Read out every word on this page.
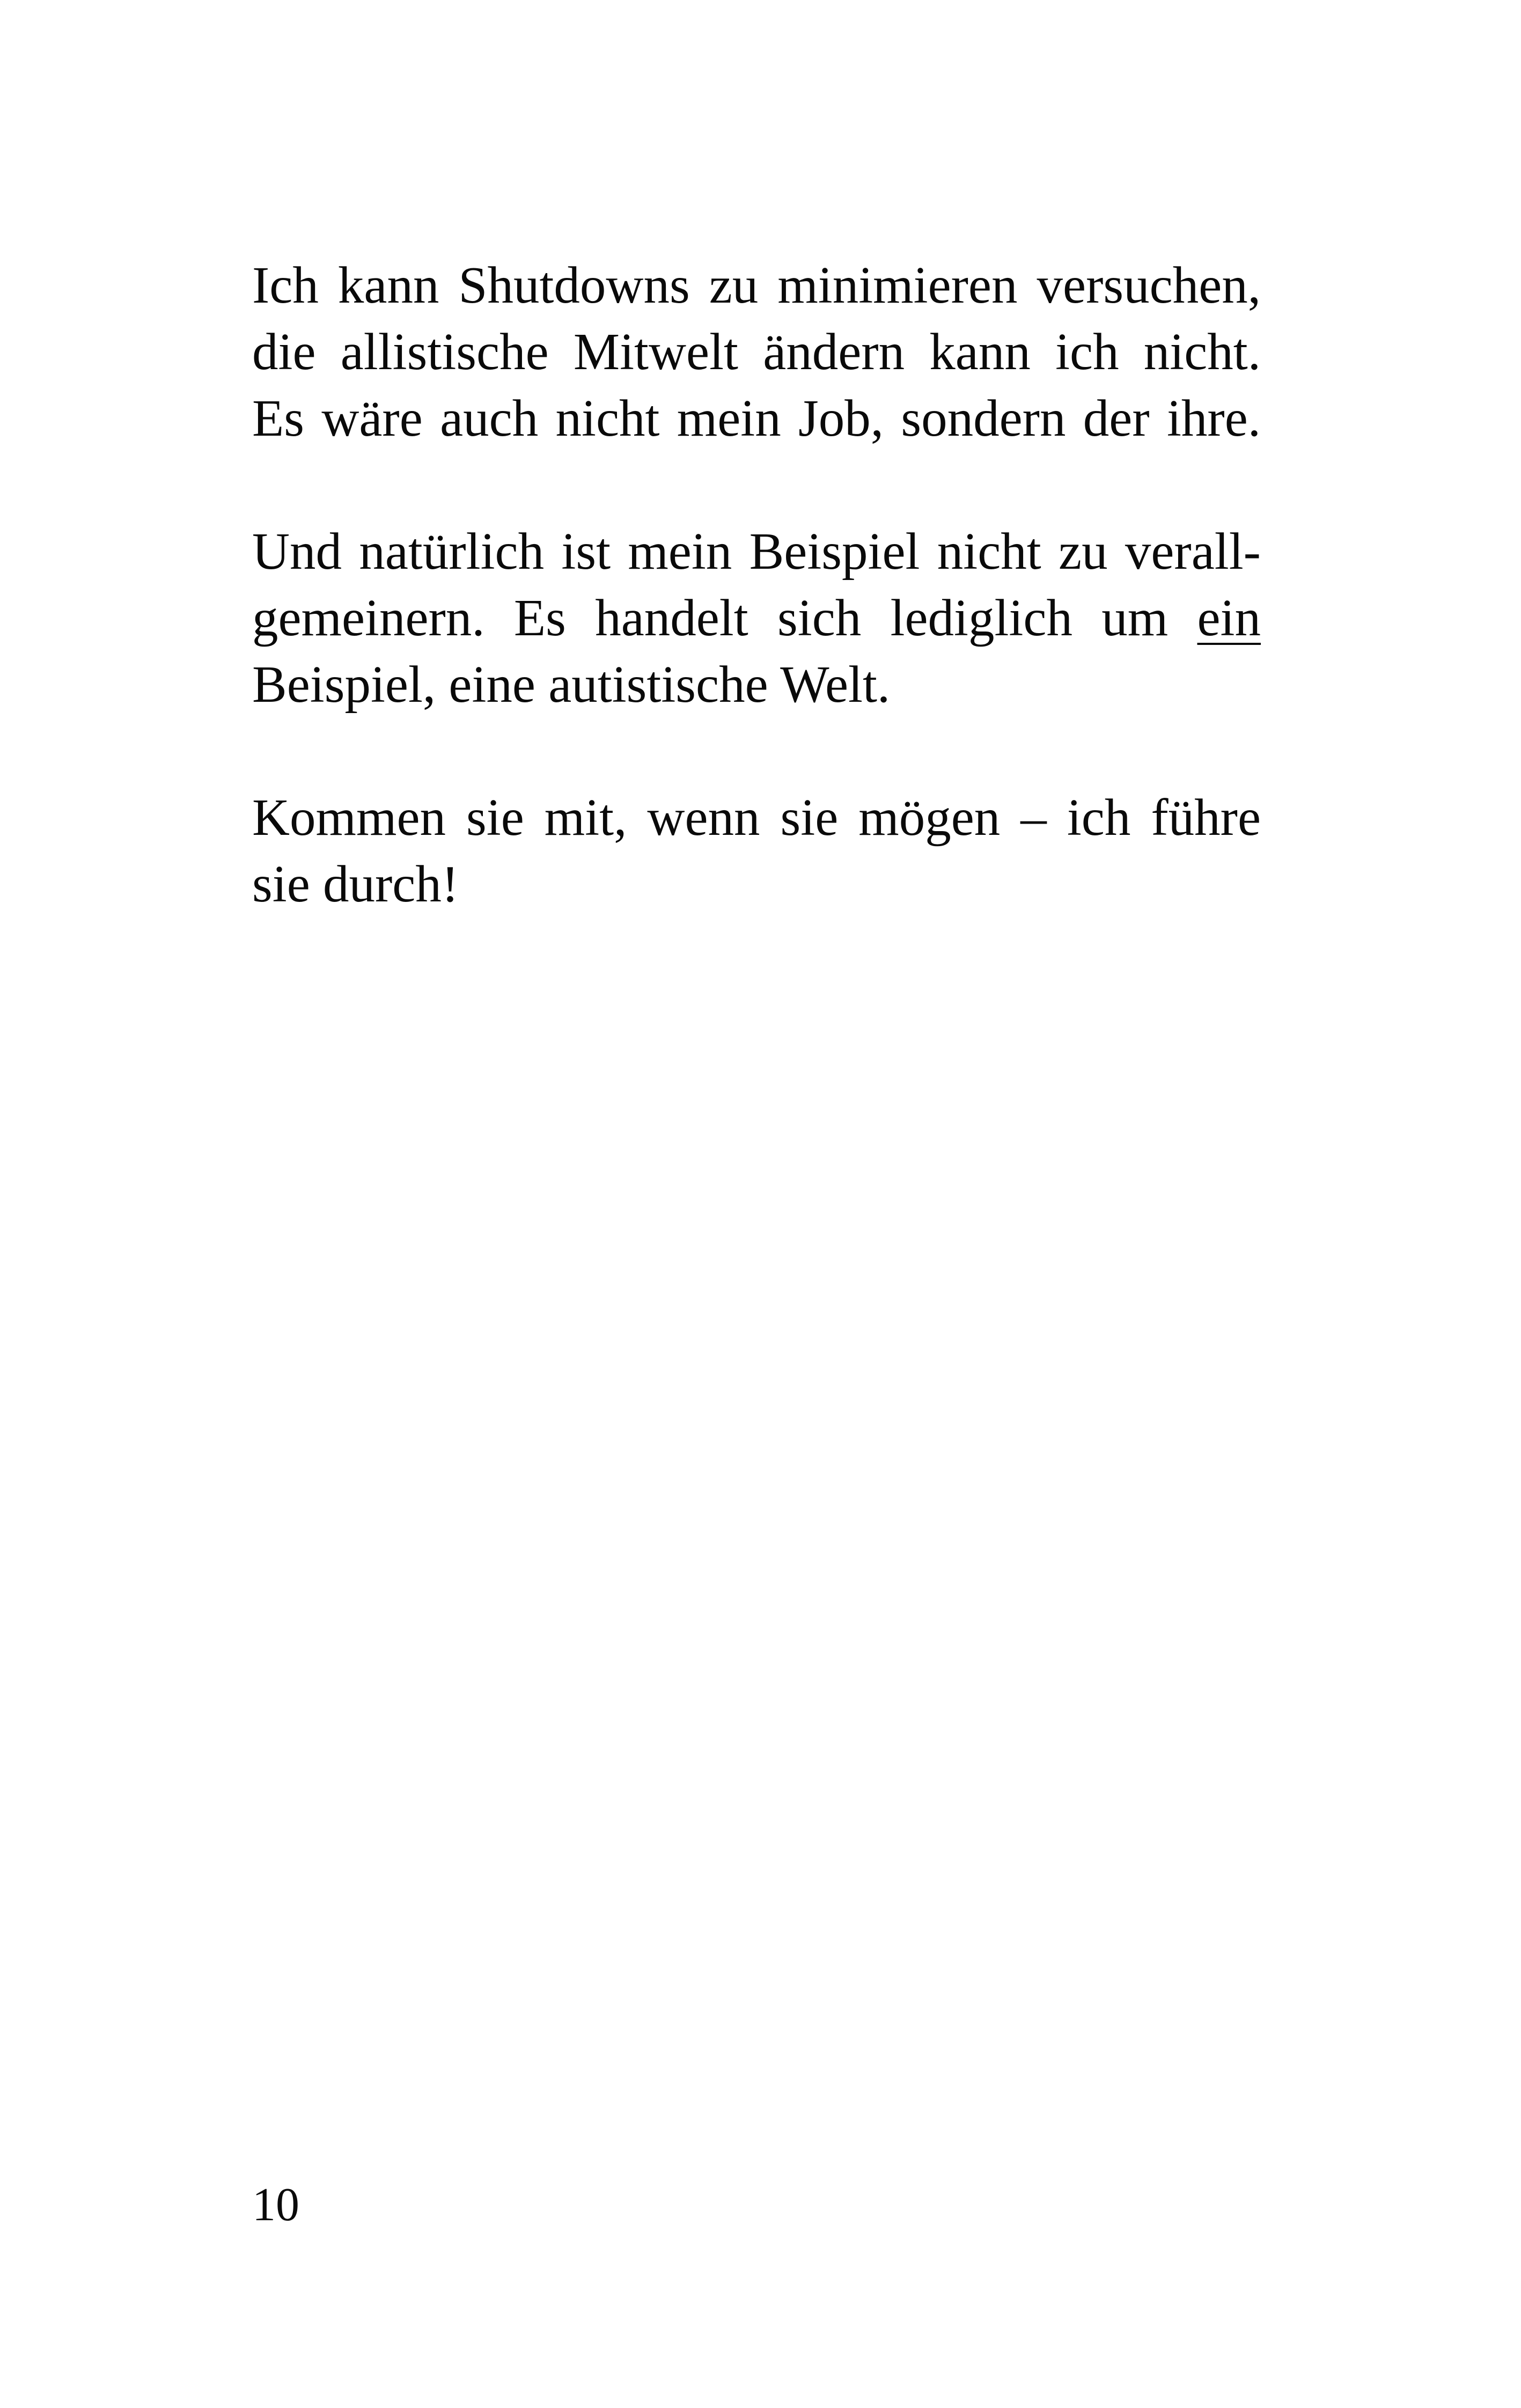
Ich kann Shutdowns zu minimieren versuchen,
die allistische Mitwelt ändern kann ich nicht.
Es wäre auch nicht mein Job, sondern der ihre.

Und natürlich ist mein Beispiel nicht zu verall-
gemeinern. Es handelt sich lediglich um ein
Beispiel, eine autistische Welt.

Kommen sie mit, wenn sie mögen – ich führe
sie durch!

10
